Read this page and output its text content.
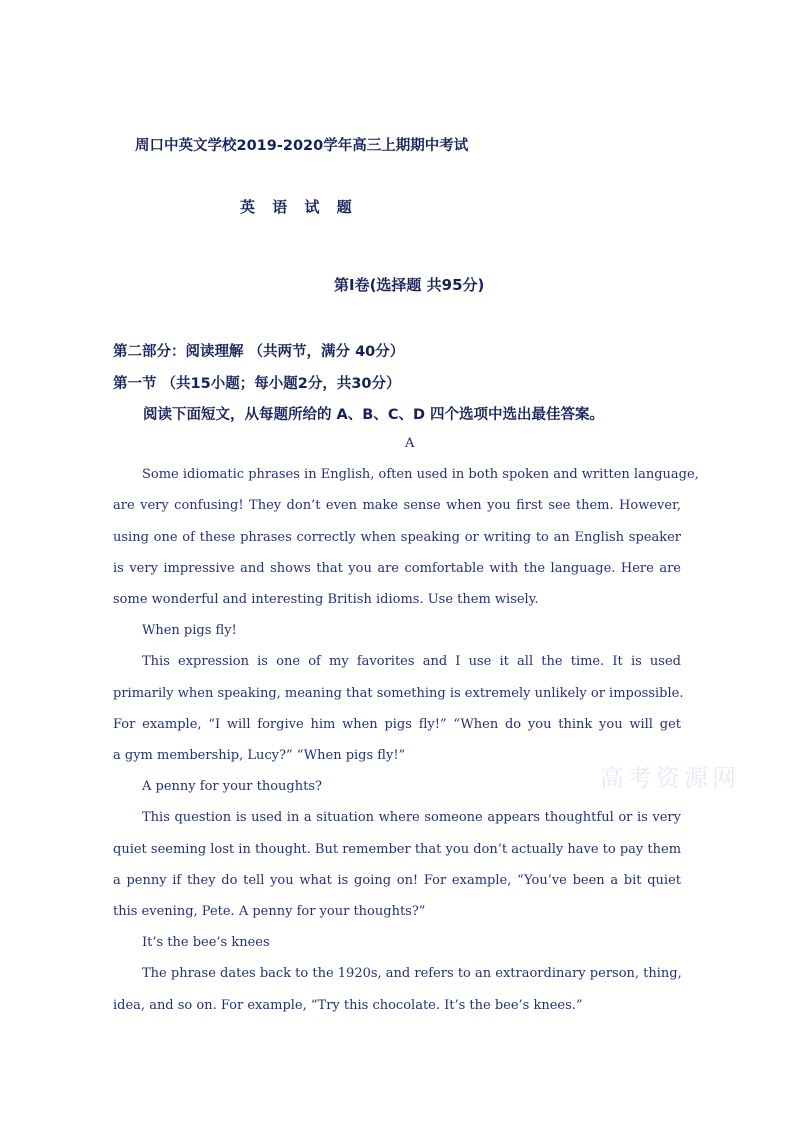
周口中英文学校2019-2020学年高三上期期中考试
英 语 试 题
第Ⅰ卷(选择题 共95分)
第二部分：阅读理解 （共两节，满分 40分）
第一节 （共15小题；每小题2分，共30分）
阅读下面短文，从每题所给的 A、B、C、D 四个选项中选出最佳答案。
A
Some idiomatic phrases in English, often used in both spoken and written language,
are very confusing! They don’t even make sense when you first see them. However,
using one of these phrases correctly when speaking or writing to an English speaker
is very impressive and shows that you are comfortable with the language. Here are
some wonderful and interesting British idioms. Use them wisely.
When pigs fly!
This expression is one of my favorites and I use it all the time. It is used
primarily when speaking, meaning that something is extremely unlikely or impossible.
For example, “I will forgive him when pigs fly!” “When do you think you will get
a gym membership, Lucy?” “When pigs fly!”
A penny for your thoughts?
This question is used in a situation where someone appears thoughtful or is very
quiet seeming lost in thought. But remember that you don’t actually have to pay them
a penny if they do tell you what is going on! For example, “You’ve been a bit quiet
this evening, Pete. A penny for your thoughts?”
It’s the bee’s knees
The phrase dates back to the 1920s, and refers to an extraordinary person, thing,
idea, and so on. For example, “Try this chocolate. It’s the bee’s knees.”
高考资源网
